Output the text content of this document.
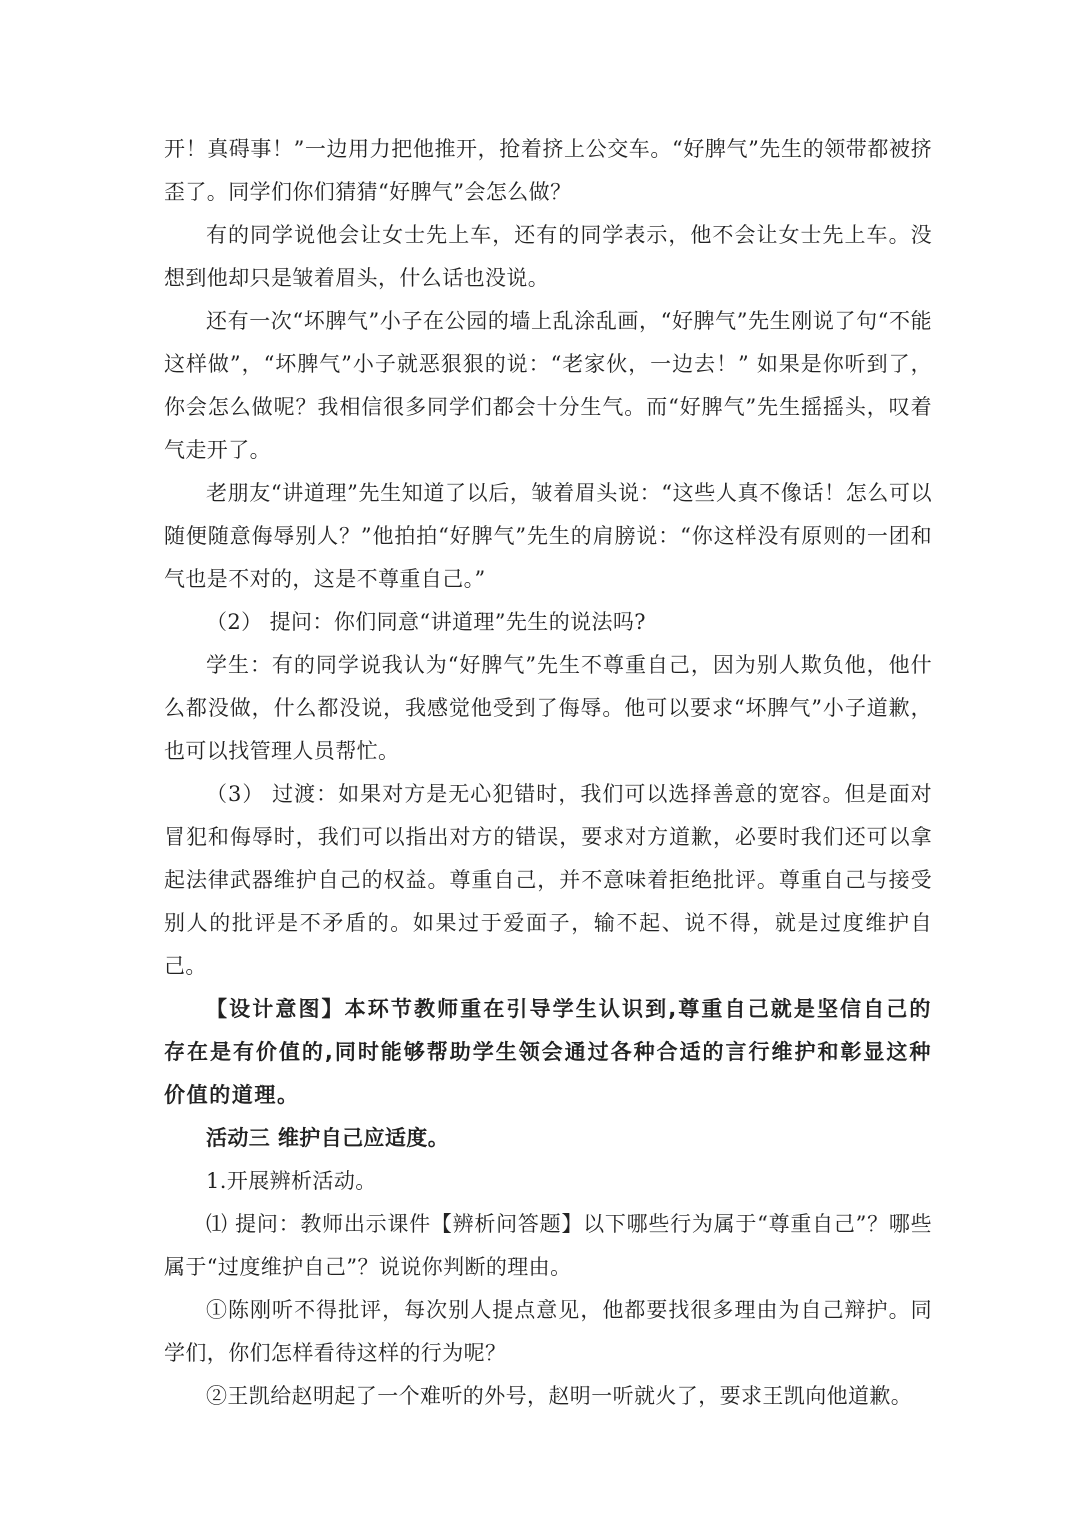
开！真碍事！”一边用力把他推开，抢着挤上公交车。“好脾气”先生的领带都被挤歪了。同学们你们猜猜“好脾气”会怎么做？

有的同学说他会让女士先上车，还有的同学表示，他不会让女士先上车。没想到他却只是皱着眉头，什么话也没说。

还有一次“坏脾气”小子在公园的墙上乱涂乱画，“好脾气”先生刚说了句“不能这样做”，“坏脾气”小子就恶狠狠的说：“老家伙，一边去！” 如果是你听到了，你会怎么做呢？我相信很多同学们都会十分生气。而“好脾气”先生摇摇头，叹着气走开了。

老朋友“讲道理”先生知道了以后，皱着眉头说：“这些人真不像话！怎么可以随便随意侮辱别人？”他拍拍“好脾气”先生的肩膀说：“你这样没有原则的一团和气也是不对的，这是不尊重自己。”

（2） 提问：你们同意“讲道理”先生的说法吗?

学生：有的同学说我认为“好脾气”先生不尊重自己，因为别人欺负他，他什么都没做，什么都没说，我感觉他受到了侮辱。他可以要求“坏脾气”小子道歉，也可以找管理人员帮忙。

（3） 过渡：如果对方是无心犯错时，我们可以选择善意的宽容。但是面对冒犯和侮辱时，我们可以指出对方的错误，要求对方道歉，必要时我们还可以拿起法律武器维护自己的权益。尊重自己，并不意味着拒绝批评。尊重自己与接受别人的批评是不矛盾的。如果过于爱面子，输不起、说不得，就是过度维护自己。

【设计意图】本环节教师重在引导学生认识到,尊重自己就是坚信自己的存在是有价值的,同时能够帮助学生领会通过各种合适的言行维护和彰显这种价值的道理。

活动三 维护自己应适度。

1.开展辨析活动。

⑴ 提问：教师出示课件【辨析问答题】以下哪些行为属于“尊重自己”？哪些属于“过度维护自己”？说说你判断的理由。

①陈刚听不得批评，每次别人提点意见，他都要找很多理由为自己辩护。同学们，你们怎样看待这样的行为呢？

②王凯给赵明起了一个难听的外号，赵明一听就火了，要求王凯向他道歉。
